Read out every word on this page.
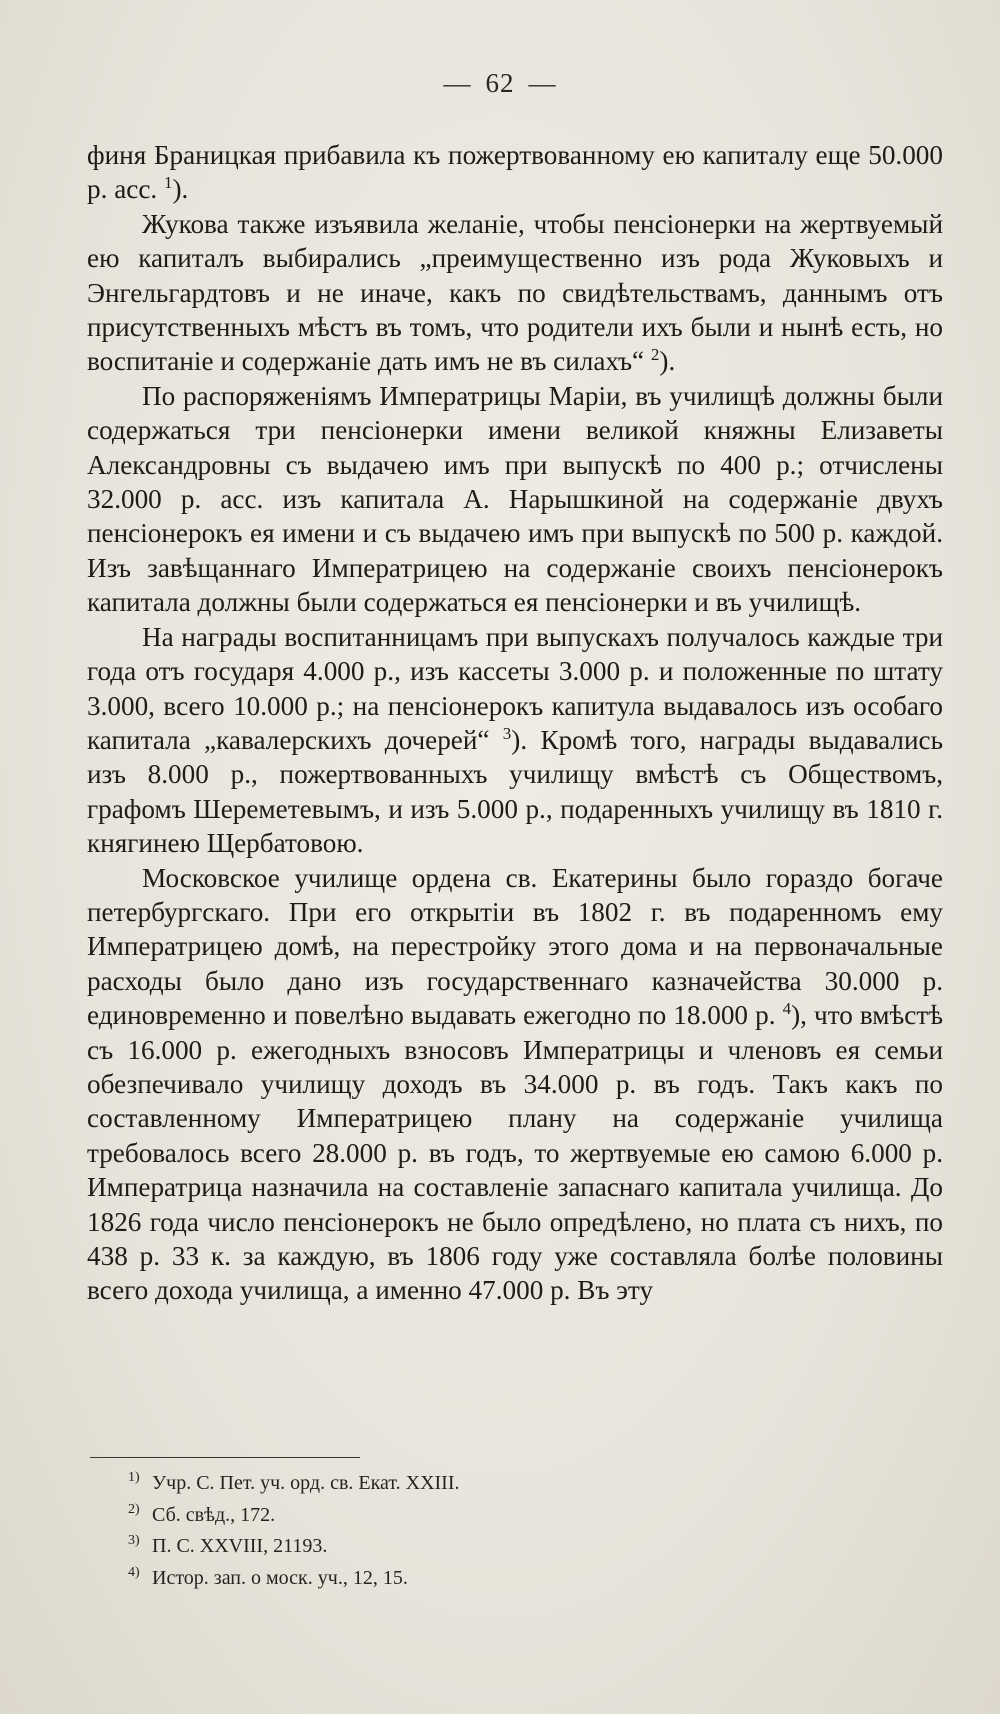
— 62 —

финя Браницкая прибавила къ пожертвованному ею капиталу еще 50.000 р. асс. $^1$).

Жукова также изъявила желаніе, чтобы пенсіонерки на жертвуемый ею капиталъ выбирались „преимущественно изъ рода Жуковыхъ и Энгельгардтовъ и не иначе, какъ по свидѣтельствамъ, даннымъ отъ присутственныхъ мѣстъ въ томъ, что родители ихъ были и нынѣ есть, но воспитаніе и содержаніе дать имъ не въ силахъ“ $^2$).

По распоряженіямъ Императрицы Маріи, въ училищѣ должны были содержаться три пенсіонерки имени великой княжны Елизаветы Александровны съ выдачею имъ при выпускѣ по 400 р.; отчислены 32.000 р. асс. изъ капитала А. Нарышкиной на содержаніе двухъ пенсіонерокъ ея имени и съ выдачею имъ при выпускѣ по 500 р. каждой. Изъ завѣщаннаго Императрицею на содержаніе своихъ пенсіонерокъ капитала должны были содержаться ея пенсіонерки и въ училищѣ.

На награды воспитанницамъ при выпускахъ получалось каждые три года отъ государя 4.000 р., изъ кассеты 3.000 р. и положенные по штату 3.000, всего 10.000 р.; на пенсіонерокъ капитула выдавалось изъ особаго капитала „кавалерскихъ дочерей“ $^3$). Кромѣ того, награды выдавались изъ 8.000 р., пожертвованныхъ училищу вмѣстѣ съ Обществомъ, графомъ Шереметевымъ, и изъ 5.000 р., подаренныхъ училищу въ 1810 г. княгинею Щербатовою.

Московское училище ордена св. Екатерины было гораздо богаче петербургскаго. При его открытіи въ 1802 г. въ подаренномъ ему Императрицею домѣ, на перестройку этого дома и на первоначальные расходы было дано изъ государственнаго казначейства 30.000 р. единовременно и повелѣно выдавать ежегодно по 18.000 р. $^4$), что вмѣстѣ съ 16.000 р. ежегодныхъ взносовъ Императрицы и членовъ ея семьи обезпечивало училищу доходъ въ 34.000 р. въ годъ. Такъ какъ по составленному Императрицею плану на содержаніе училища требовалось всего 28.000 р. въ годъ, то жертвуемые ею самою 6.000 р. Императрица назначила на составленіе запаснаго капитала училища. До 1826 года число пенсіонерокъ не было опредѣлено, но плата съ нихъ, по 438 р. 33 к. за каждую, въ 1806 году уже составляла болѣе половины всего дохода училища, а именно 47.000 р. Въ эту

1) Учр. С. Пет. уч. орд. св. Екат. XXIII.
2) Сб. свѣд., 172.
3) П. С. XXVIII, 21193.
4) Истор. зап. о моск. уч., 12, 15.
